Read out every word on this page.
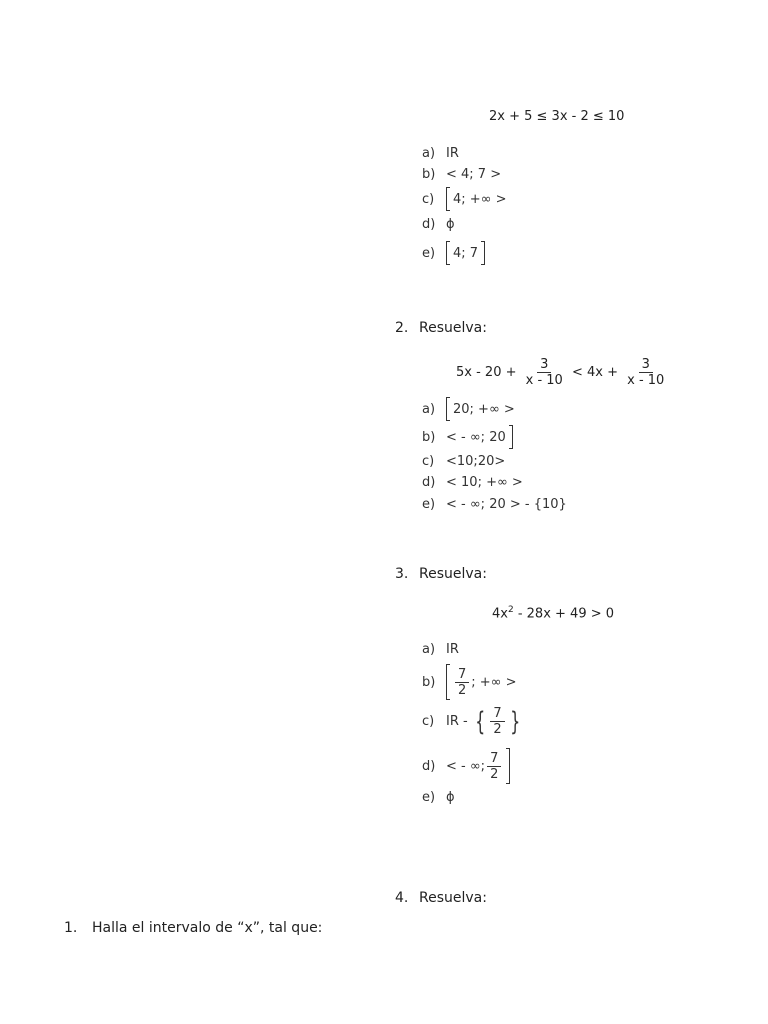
2x + 5 ≤ 3x - 2 ≤ 10
a) IR
b) < 4; 7 >
c) 4; +∞ >
d) ϕ
e) 4; 7
2. Resuelva:
$5x - 20 + \frac{3}{x - 10} < 4x + \frac{3}{x - 10}$
a) 20; +∞ >
b) < - ∞; 20
c) <10;20>
d) < 10; +∞ >
e) < - ∞; 20 > - {10}
3. Resuelva:
$4x^2 - 28x + 49 > 0$
a) IR
$b) \frac{7}{2}$ ; +∞ >
c) IR - { $\frac{7}{2}$ }
d) < - ∞; $\frac{7}{2}$
e) ϕ
4. Resuelva:
1. Halla el intervalo de “x”, tal que:
